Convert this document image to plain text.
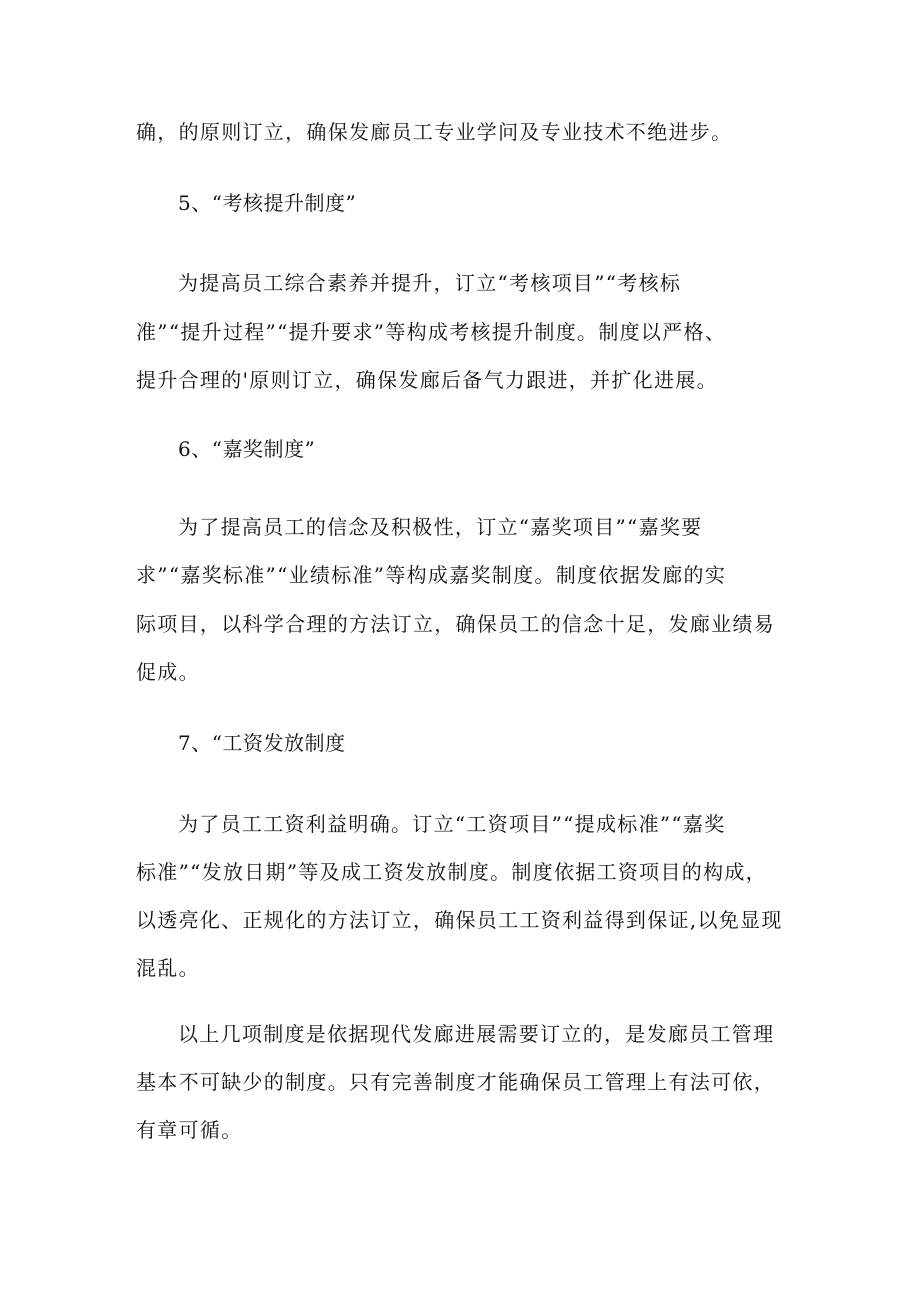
确，的原则订立，确保发廊员工专业学问及专业技术不绝进步。
5、“考核提升制度”
为提高员工综合素养并提升，订立“考核项目”“考核标
准”“提升过程”“提升要求”等构成考核提升制度。制度以严格、
提升合理的'原则订立，确保发廊后备气力跟进，并扩化进展。
6、“嘉奖制度”
为了提高员工的信念及积极性，订立“嘉奖项目”“嘉奖要
求”“嘉奖标准”“业绩标准”等构成嘉奖制度。制度依据发廊的实
际项目，以科学合理的方法订立，确保员工的信念十足，发廊业绩易
促成。
7、“工资发放制度
为了员工工资利益明确。订立“工资项目”“提成标准”“嘉奖
标准”“发放日期”等及成工资发放制度。制度依据工资项目的构成，
以透亮化、正规化的方法订立，确保员工工资利益得到保证,以免显现
混乱。
以上几项制度是依据现代发廊进展需要订立的，是发廊员工管理
基本不可缺少的制度。只有完善制度才能确保员工管理上有法可依，
有章可循。
